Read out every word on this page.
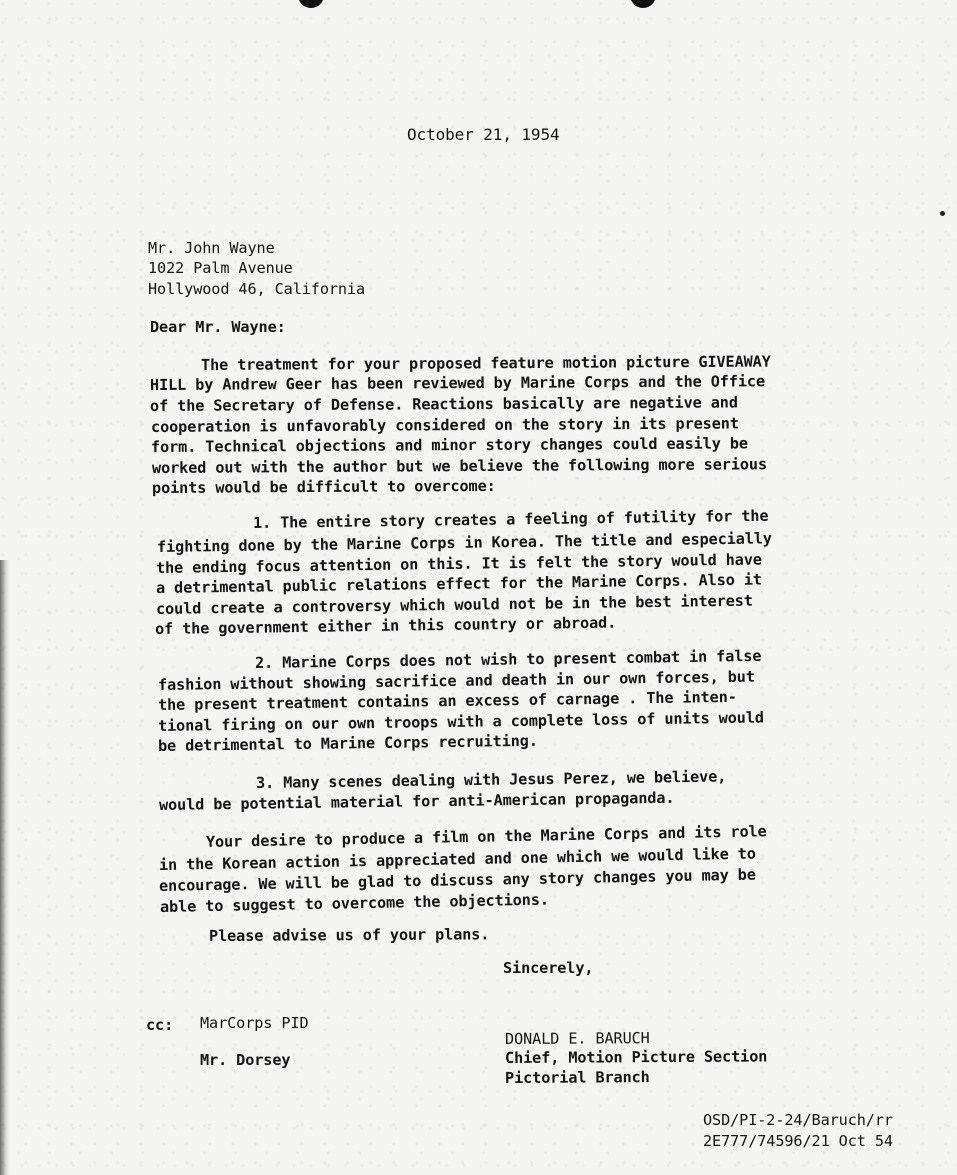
October 21, 1954
Mr. John Wayne
1022 Palm Avenue
Hollywood 46, California
Dear Mr. Wayne:
The treatment for your proposed feature motion picture GIVEAWAY
HILL by Andrew Geer has been reviewed by Marine Corps and the Office
of the Secretary of Defense. Reactions basically are negative and
cooperation is unfavorably considered on the story in its present
form. Technical objections and minor story changes could easily be
worked out with the author but we believe the following more serious
points would be difficult to overcome:
1. The entire story creates a feeling of futility for the
fighting done by the Marine Corps in Korea. The title and especially
the ending focus attention on this. It is felt the story would have
a detrimental public relations effect for the Marine Corps. Also it
could create a controversy which would not be in the best interest
of the government either in this country or abroad.
2. Marine Corps does not wish to present combat in false
fashion without showing sacrifice and death in our own forces, but
the present treatment contains an excess of carnage . The inten-
tional firing on our own troops with a complete loss of units would
be detrimental to Marine Corps recruiting.
3. Many scenes dealing with Jesus Perez, we believe,
would be potential material for anti-American propaganda.
Your desire to produce a film on the Marine Corps and its role
in the Korean action is appreciated and one which we would like to
encourage. We will be glad to discuss any story changes you may be
able to suggest to overcome the objections.
Please advise us of your plans.
Sincerely,
cc: MarCorps PID
Mr. Dorsey
DONALD E. BARUCH
Chief, Motion Picture Section
Pictorial Branch
OSD/PI-2-24/Baruch/rr
2E777/74596/21 Oct 54
